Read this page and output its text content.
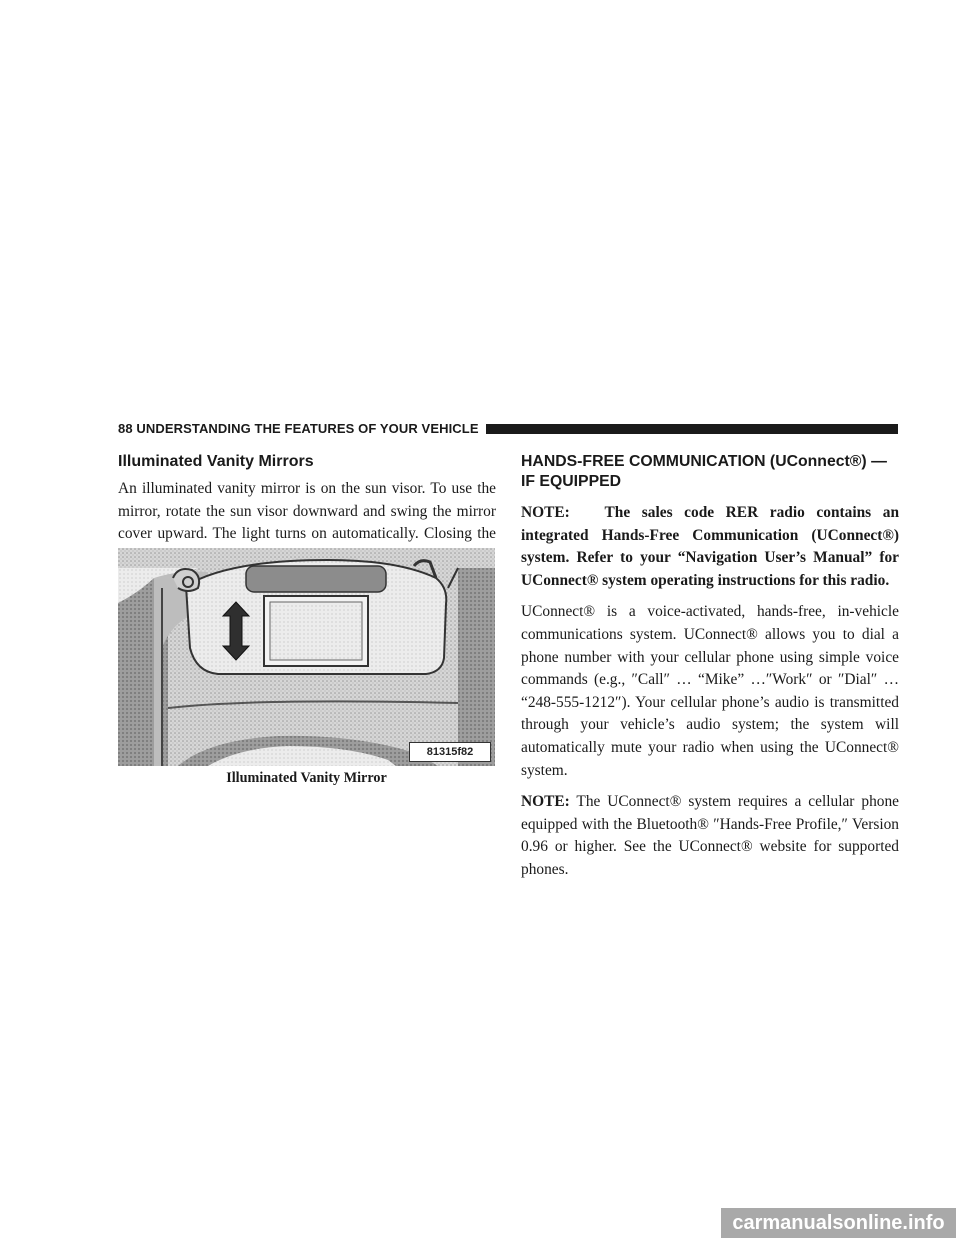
88 UNDERSTANDING THE FEATURES OF YOUR VEHICLE
Illuminated Vanity Mirrors

An illuminated vanity mirror is on the sun visor. To use the mirror, rotate the sun visor downward and swing the mirror cover upward. The light turns on automatically. Closing the

81315f82
Illuminated Vanity Mirror
HANDS-FREE COMMUNICATION (UConnect®) —
IF EQUIPPED

NOTE: The sales code RER radio contains an integrated Hands-Free Communication (UConnect®) system. Refer to your “Navigation User’s Manual” for UConnect® system operating instructions for this radio.

UConnect® is a voice-activated, hands-free, in-vehicle communications system. UConnect® allows you to dial a phone number with your cellular phone using simple voice commands (e.g., ″Call″ … “Mike” …″Work″ or ″Dial″ … “248-555-1212″). Your cellular phone’s audio is transmitted through your vehicle’s audio system; the system will automatically mute your radio when using the UConnect® system.

NOTE: The UConnect® system requires a cellular phone equipped with the Bluetooth® ″Hands-Free Profile,″ Version 0.96 or higher. See the UConnect® website for supported phones.

carmanualsonline.info
